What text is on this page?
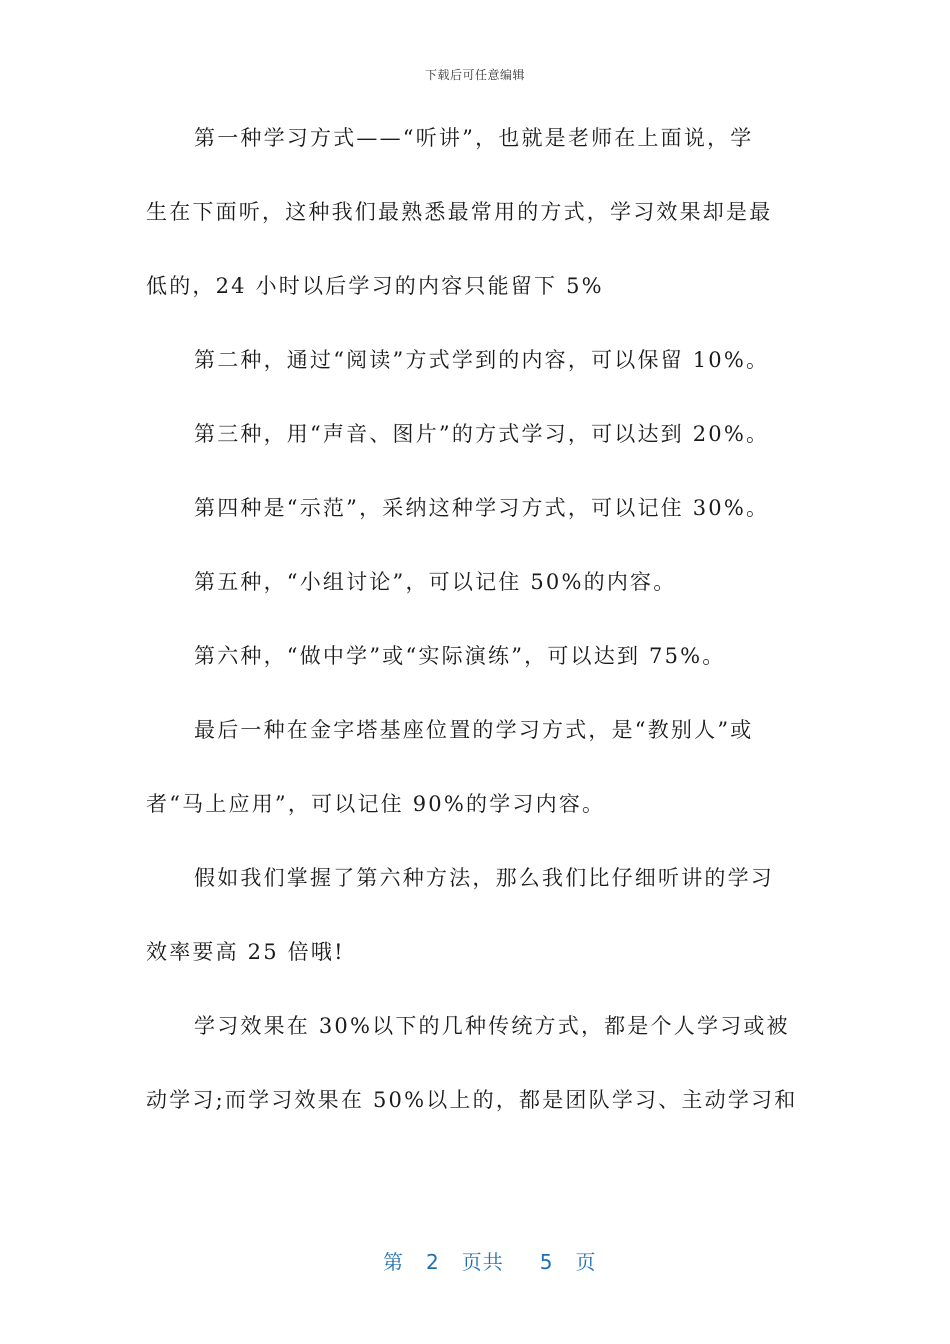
下载后可任意编辑
第一种学习方式——“听讲”，也就是老师在上面说，学
生在下面听，这种我们最熟悉最常用的方式，学习效果却是最
低的，24 小时以后学习的内容只能留下 5%
第二种，通过“阅读”方式学到的内容，可以保留 10%。
第三种，用“声音、图片”的方式学习，可以达到 20%。
第四种是“示范”，采纳这种学习方式，可以记住 30%。
第五种，“小组讨论”，可以记住 50%的内容。
第六种，“做中学”或“实际演练”，可以达到 75%。
最后一种在金字塔基座位置的学习方式，是“教别人”或
者“马上应用”，可以记住 90%的学习内容。
假如我们掌握了第六种方法，那么我们比仔细听讲的学习
效率要高 25 倍哦!
学习效果在 30%以下的几种传统方式，都是个人学习或被
动学习;而学习效果在 50%以上的，都是团队学习、主动学习和

第 2 页共 5 页
